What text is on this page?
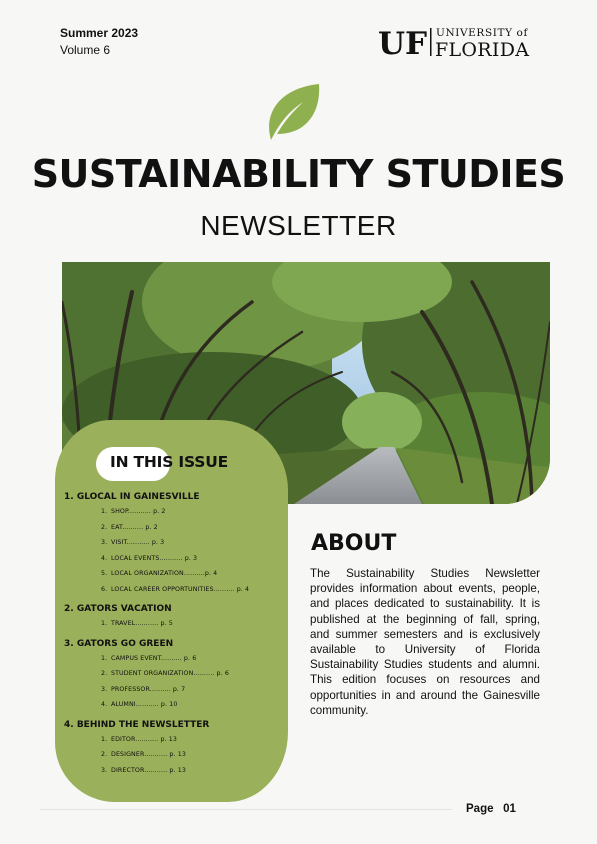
Summer 2023
Volume 6	UF UNIVERSITY of
FLORIDA
SUSTAINABILITY STUDIES
NEWSLETTER
IN THIS ISSUE
1. GLOCAL IN GAINESVILLE
1. SHOP........... p. 2
2. EAT.......... p. 2
3. VISIT........... p. 3
4. LOCAL EVENTS........... p. 3
5. LOCAL ORGANIZATION..........p. 4
6. LOCAL CAREER OPPORTUNITIES.......... p. 4
2. GATORS VACATION
1. TRAVEL........... p. 5
3. GATORS GO GREEN
1. CAMPUS EVENT.......... p. 6
2. STUDENT ORGANIZATION.......... p. 6
3. PROFESSOR.......... p. 7
4. ALUMNI........... p. 10
4. BEHIND THE NEWSLETTER
1. EDITOR........... p. 13
2. DESIGNER........... p. 13
3. DIRECTOR........... p. 13
ABOUT
The Sustainability Studies Newsletter provides information about events, people, and places dedicated to sustainability. It is published at the beginning of fall, spring, and summer semesters and is exclusively available to University of Florida Sustainability Studies students and alumni. This edition focuses on resources and opportunities in and around the Gainesville community.
Page 01
